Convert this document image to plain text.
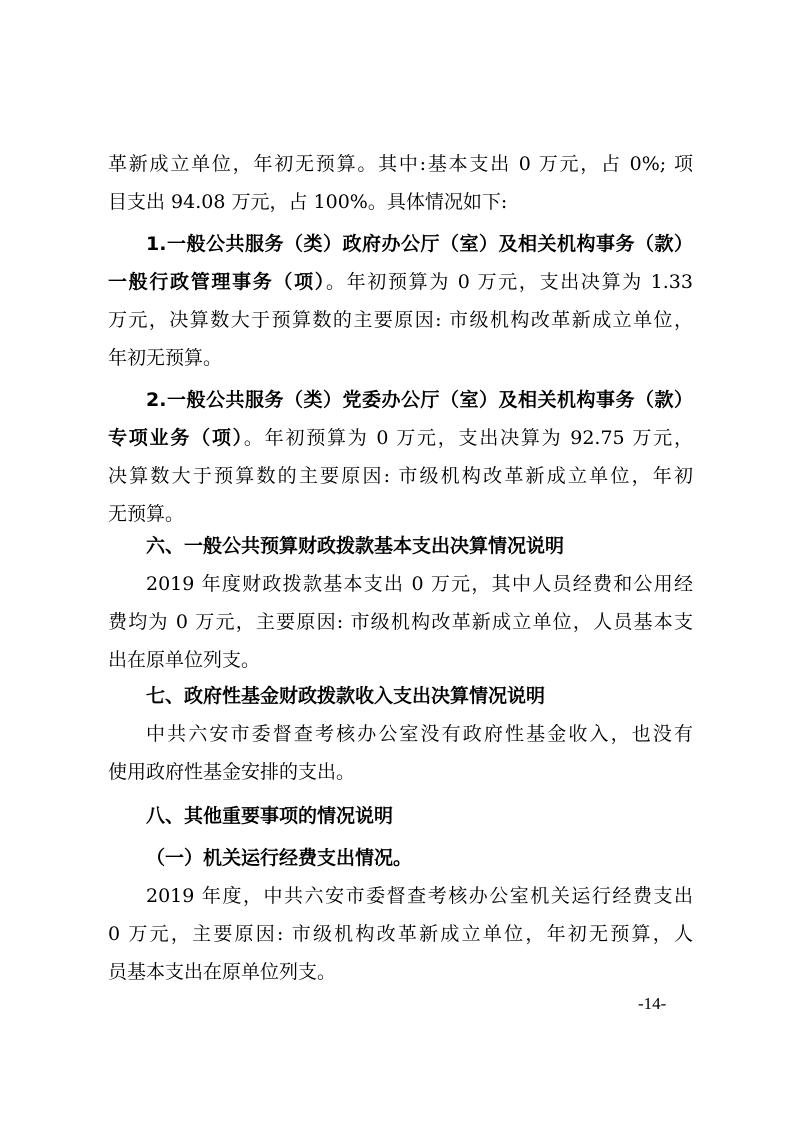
革新成立单位，年初无预算。其中:基本支出 0 万元，占 0%; 项
目支出 94.08 万元，占 100%。具体情况如下:
1.一般公共服务（类）政府办公厅（室）及相关机构事务（款）
一般行政管理事务（项）。年初预算为 0 万元，支出决算为 1.33
万元，决算数大于预算数的主要原因: 市级机构改革新成立单位，
年初无预算。
2.一般公共服务（类）党委办公厅（室）及相关机构事务（款）
专项业务（项）。年初预算为 0 万元，支出决算为 92.75 万元，
决算数大于预算数的主要原因: 市级机构改革新成立单位，年初
无预算。
六、一般公共预算财政拨款基本支出决算情况说明
2019 年度财政拨款基本支出 0 万元，其中人员经费和公用经
费均为 0 万元，主要原因: 市级机构改革新成立单位，人员基本支
出在原单位列支。
七、政府性基金财政拨款收入支出决算情况说明
中共六安市委督查考核办公室没有政府性基金收入，也没有
使用政府性基金安排的支出。
八、其他重要事项的情况说明
（一）机关运行经费支出情况。
2019 年度，中共六安市委督查考核办公室机关运行经费支出
0 万元，主要原因: 市级机构改革新成立单位，年初无预算，人
员基本支出在原单位列支。
-14-
